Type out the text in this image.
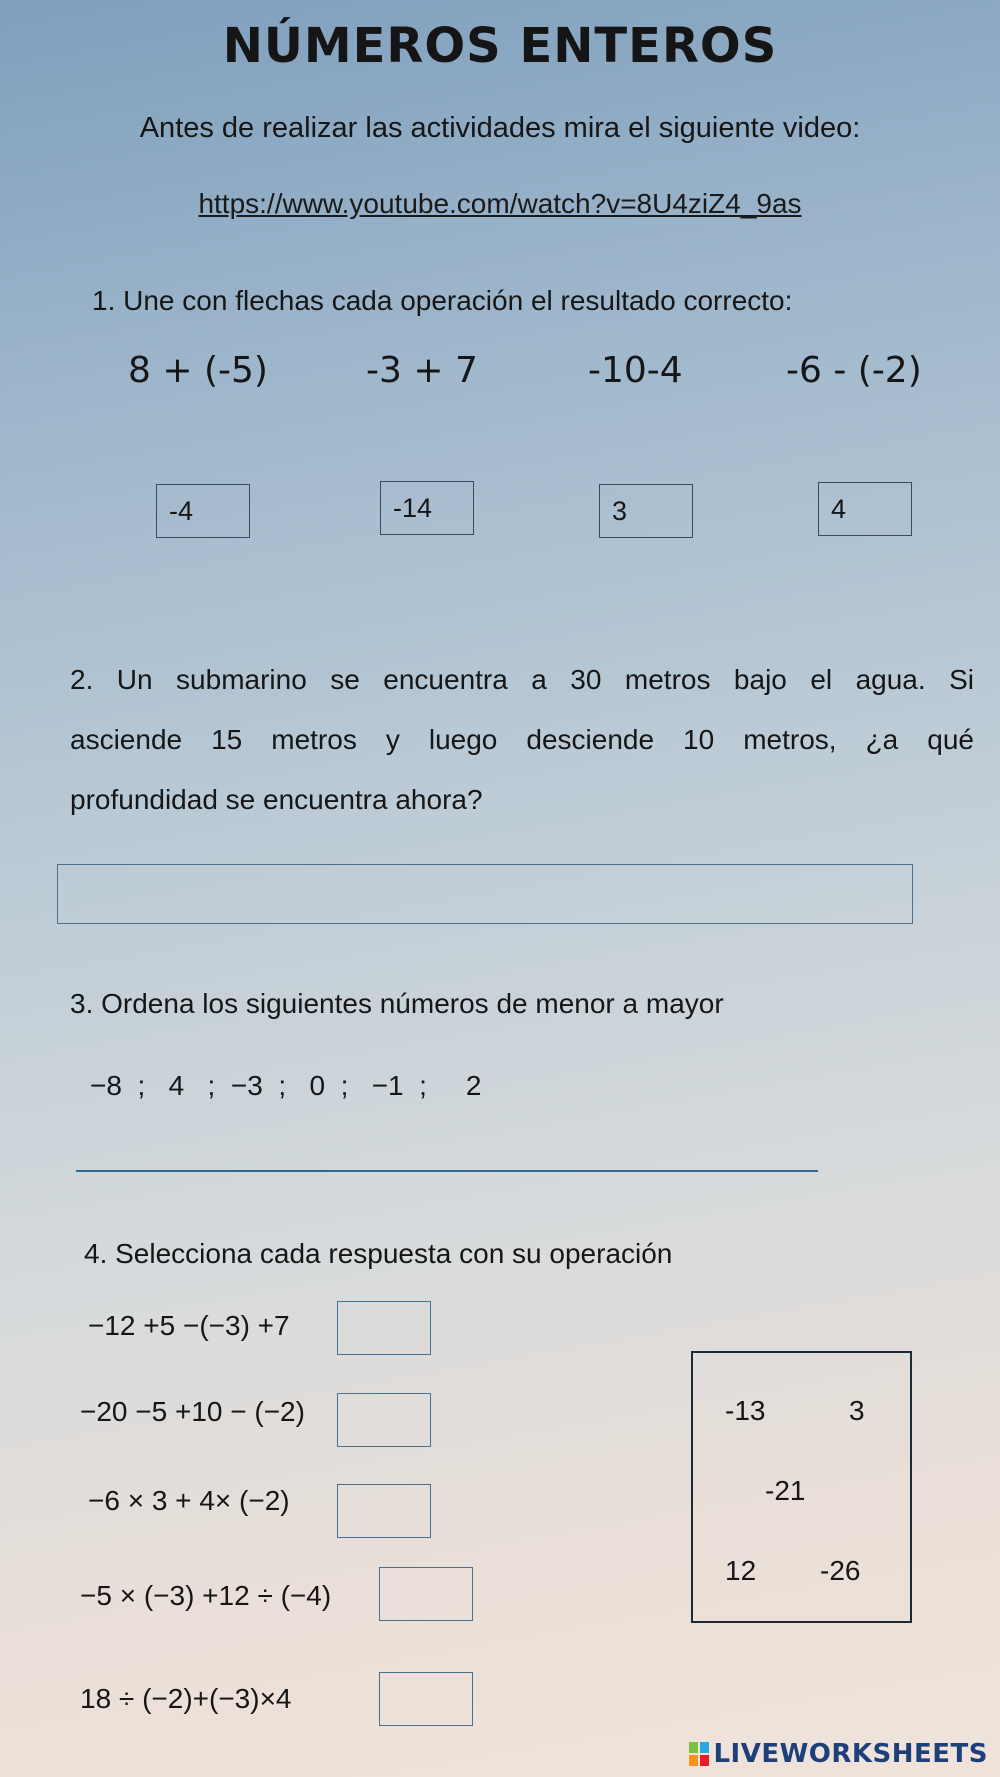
NÚMEROS ENTEROS
Antes de realizar las actividades mira el siguiente video:
https://www.youtube.com/watch?v=8U4ziZ4_9as
1. Une con flechas cada operación el resultado correcto:
8 + (-5)	-3 + 7	-10-4	-6 - (-2)
-4	-14	3	4
2. Un submarino se encuentra a 30 metros bajo el agua. Si
asciende 15 metros y luego desciende 10 metros, ¿a qué
profundidad se encuentra ahora?
3. Ordena los siguientes números de menor a mayor
−8  ;   4   ;  −3  ;   0  ;   −1  ;     2
4. Selecciona cada respuesta con su operación
−12 +5 −(−3) +7
−20 −5 +10 − (−2)
−6 × 3 + 4× (−2)
−5 × (−3) +12 ÷ (−4)
18 ÷ (−2)+(−3)×4
-13	3
-21
12 -26
LIVEWORKSHEETS
